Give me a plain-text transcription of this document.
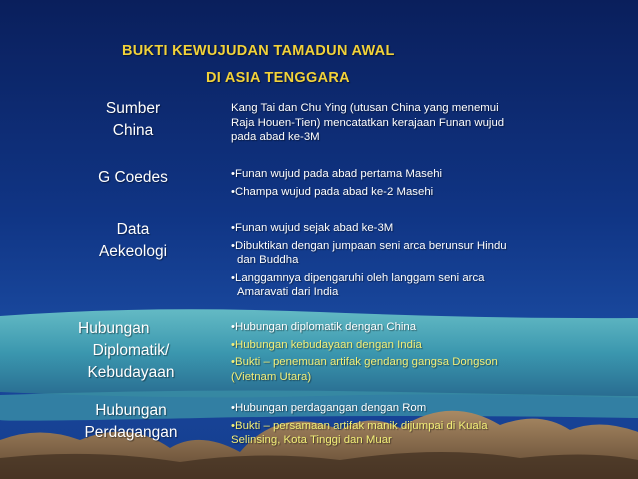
BUKTI KEWUJUDAN TAMADUN AWAL
DI ASIA TENGGARA
Sumber
China
Kang Tai dan Chu Ying (utusan China yang menemui
Raja Houen-Tien) mencatatkan kerajaan Funan wujud
pada abad ke-3M
G Coedes	•Funan wujud pada abad pertama Masehi
•Champa wujud pada abad ke-2 Masehi
Data
Aekeologi
•Funan wujud sejak abad ke-3M
•Dibuktikan dengan jumpaan seni arca berunsur Hindu
dan Buddha
•Langgamnya dipengaruhi oleh langgam seni arca
Amaravati dari India
Hubungan
Diplomatik/
Kebudayaan
•Hubungan diplomatik dengan China
•Hubungan kebudayaan dengan India
•Bukti – penemuan artifak gendang gangsa Dongson
(Vietnam Utara)
Hubungan
Perdagangan
•Hubungan perdagangan dengan Rom
•Bukti – persamaan artifak manik dijumpai di Kuala
Selinsing, Kota Tinggi dan Muar
